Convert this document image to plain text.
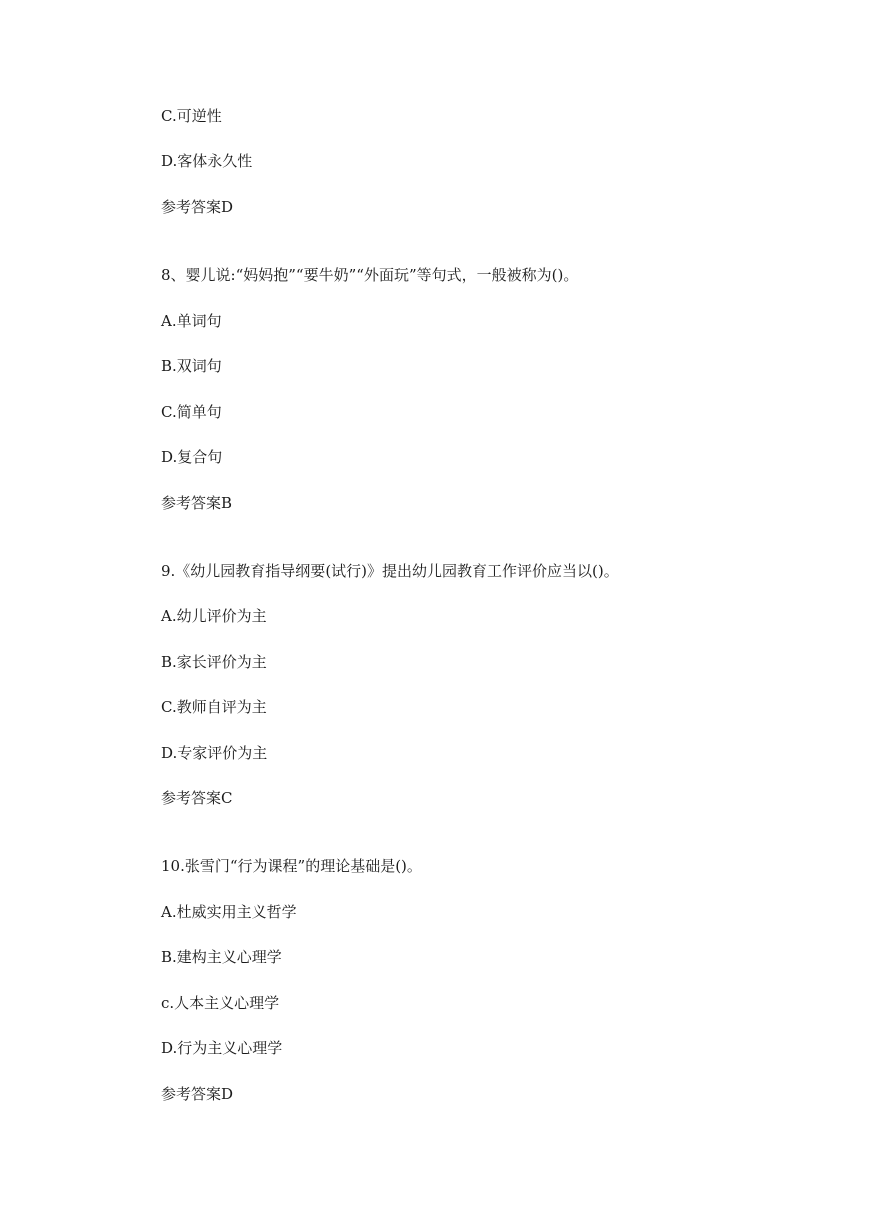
C.可逆性
D.客体永久性
参考答案D
8、婴儿说:“妈妈抱”“要牛奶”“外面玩”等句式，一般被称为()。
A.单词句
B.双词句
C.简单句
D.复合句
参考答案B
9.《幼儿园教育指导纲要(试行)》提出幼儿园教育工作评价应当以()。
A.幼儿评价为主
B.家长评价为主
C.教师自评为主
D.专家评价为主
参考答案C
10.张雪门“行为课程”的理论基础是()。
A.杜威实用主义哲学
B.建构主义心理学
c.人本主义心理学
D.行为主义心理学
参考答案D
